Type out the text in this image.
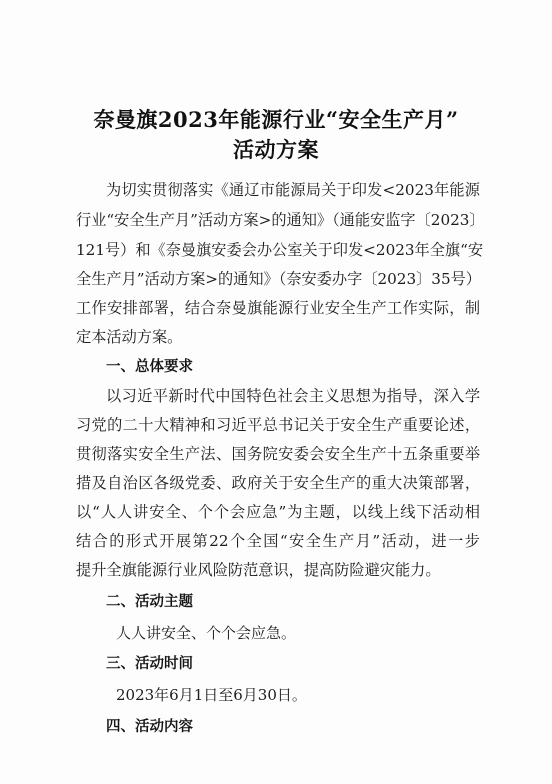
奈曼旗2023年能源行业“安全生产月”
活动方案
为切实贯彻落实《通辽市能源局关于印发<2023年能源
行业“安全生产月”活动方案>的通知》（通能安监字〔2023〕
121号）和《奈曼旗安委会办公室关于印发<2023年全旗“安
全生产月”活动方案>的通知》（奈安委办字〔2023〕35号）
工作安排部署，结合奈曼旗能源行业安全生产工作实际，制
定本活动方案。
一、总体要求
以习近平新时代中国特色社会主义思想为指导，深入学
习党的二十大精神和习近平总书记关于安全生产重要论述，
贯彻落实安全生产法、国务院安委会安全生产十五条重要举
措及自治区各级党委、政府关于安全生产的重大决策部署，
以“人人讲安全、个个会应急”为主题，以线上线下活动相
结合的形式开展第22个全国“安全生产月”活动，进一步
提升全旗能源行业风险防范意识，提高防险避灾能力。
二、活动主题
人人讲安全、个个会应急。
三、活动时间
2023年6月1日至6月30日。
四、活动内容
